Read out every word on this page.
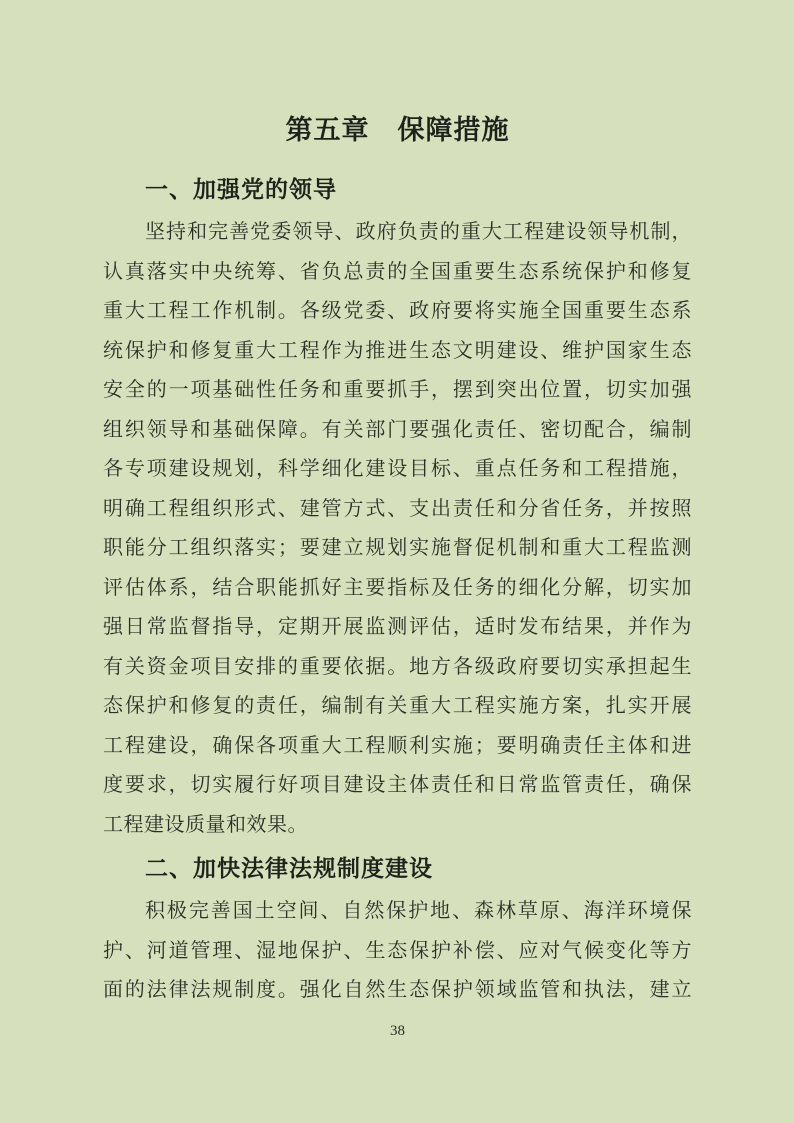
第五章　保障措施
一、加强党的领导
坚持和完善党委领导、政府负责的重大工程建设领导机制，
认真落实中央统筹、省负总责的全国重要生态系统保护和修复
重大工程工作机制。各级党委、政府要将实施全国重要生态系
统保护和修复重大工程作为推进生态文明建设、维护国家生态
安全的一项基础性任务和重要抓手，摆到突出位置，切实加强
组织领导和基础保障。有关部门要强化责任、密切配合，编制
各专项建设规划，科学细化建设目标、重点任务和工程措施，
明确工程组织形式、建管方式、支出责任和分省任务，并按照
职能分工组织落实；要建立规划实施督促机制和重大工程监测
评估体系，结合职能抓好主要指标及任务的细化分解，切实加
强日常监督指导，定期开展监测评估，适时发布结果，并作为
有关资金项目安排的重要依据。地方各级政府要切实承担起生
态保护和修复的责任，编制有关重大工程实施方案，扎实开展
工程建设，确保各项重大工程顺利实施；要明确责任主体和进
度要求，切实履行好项目建设主体责任和日常监管责任，确保
工程建设质量和效果。
二、加快法律法规制度建设
积极完善国土空间、自然保护地、森林草原、海洋环境保
护、河道管理、湿地保护、生态保护补偿、应对气候变化等方
面的法律法规制度。强化自然生态保护领域监管和执法，建立
38
